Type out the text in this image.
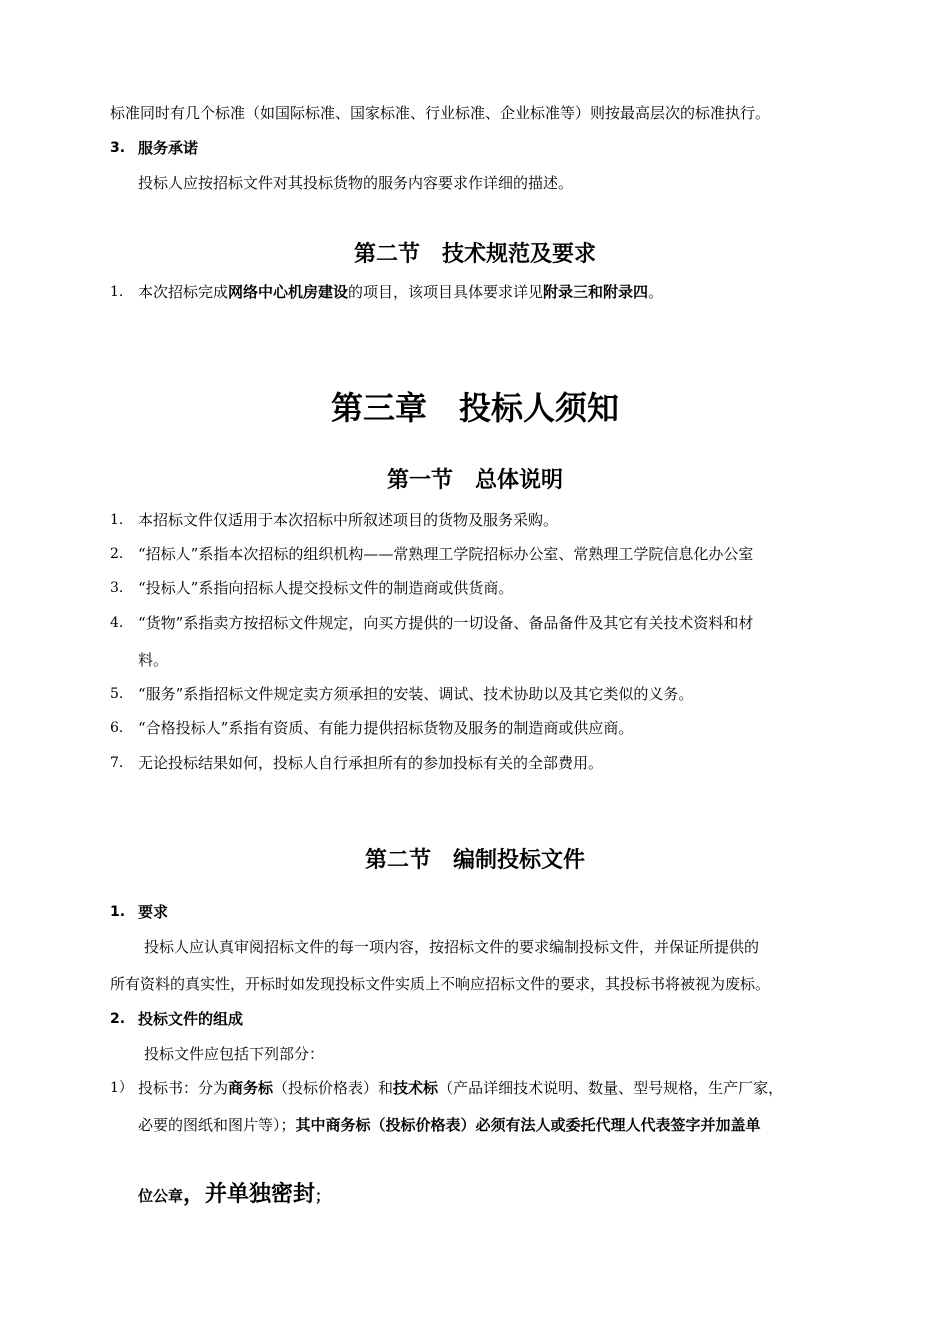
标准同时有几个标准（如国际标准、国家标准、行业标准、企业标准等）则按最高层次的标准执行。
3. 服务承诺
投标人应按招标文件对其投标货物的服务内容要求作详细的描述。
第二节　技术规范及要求
1. 本次招标完成网络中心机房建设的项目，该项目具体要求详见附录三和附录四。
第三章　投标人须知
第一节　总体说明
1. 本招标文件仅适用于本次招标中所叙述项目的货物及服务采购。
2. “招标人”系指本次招标的组织机构——常熟理工学院招标办公室、常熟理工学院信息化办公室
3. “投标人”系指向招标人提交投标文件的制造商或供货商。
4. “货物”系指卖方按招标文件规定，向买方提供的一切设备、备品备件及其它有关技术资料和材
料。
5. “服务”系指招标文件规定卖方须承担的安装、调试、技术协助以及其它类似的义务。
6. “合格投标人”系指有资质、有能力提供招标货物及服务的制造商或供应商。
7. 无论投标结果如何，投标人自行承担所有的参加投标有关的全部费用。
第二节　编制投标文件
1. 要求
投标人应认真审阅招标文件的每一项内容，按招标文件的要求编制投标文件，并保证所提供的
所有资料的真实性，开标时如发现投标文件实质上不响应招标文件的要求，其投标书将被视为废标。
2. 投标文件的组成
投标文件应包括下列部分：
1） 投标书：分为商务标（投标价格表）和技术标（产品详细技术说明、数量、型号规格，生产厂家，
必要的图纸和图片等）；其中商务标（投标价格表）必须有法人或委托代理人代表签字并加盖单
位公章，并单独密封；
